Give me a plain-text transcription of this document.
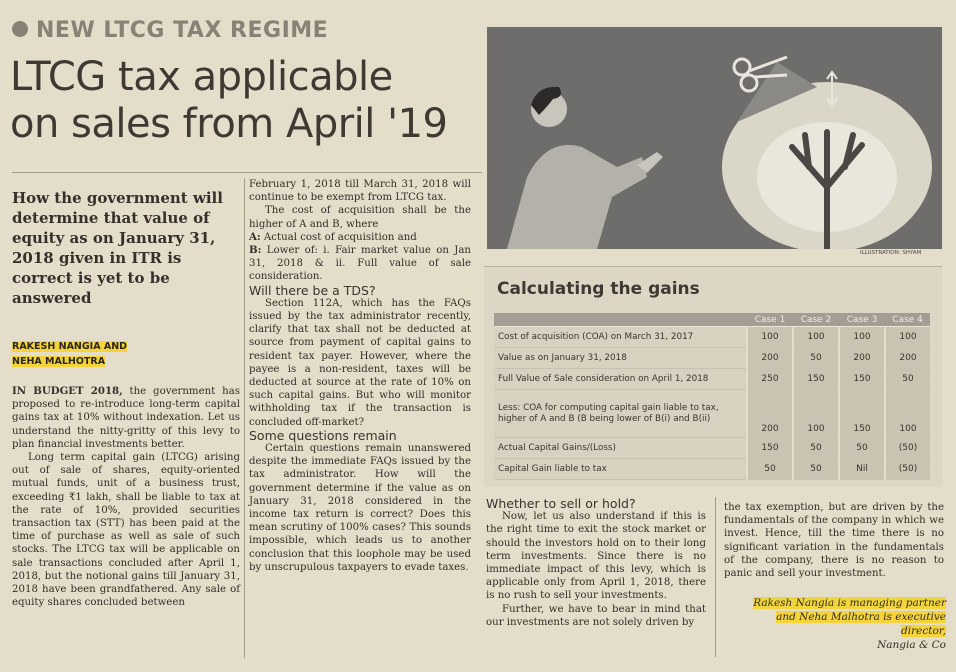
NEW LTCG TAX REGIME
LTCG tax applicable
on sales from April '19
How the government will determine that value of equity as on January 31, 2018 given in ITR is correct is yet to be answered
RAKESH NANGIA AND
NEHA MALHOTRA

IN BUDGET 2018, the government has proposed to re-introduce long-term capital gains tax at 10% without indexation. Let us understand the nitty-gritty of this levy to plan financial investments better.

Long term capital gain (LTCG) arising out of sale of shares, equity-oriented mutual funds, unit of a business trust, exceeding ₹1 lakh, shall be liable to tax at the rate of 10%, provided securities transaction tax (STT) has been paid at the time of purchase as well as sale of such stocks. The LTCG tax will be applicable on sale transactions concluded after April 1, 2018, but the notional gains till January 31, 2018 have been grandfathered. Any sale of equity shares concluded between

February 1, 2018 till March 31, 2018 will continue to be exempt from LTCG tax.

The cost of acquisition shall be the higher of A and B, where

A: Actual cost of acquisition and

B: Lower of: i. Fair market value on Jan 31, 2018 & ii. Full value of sale consideration.

Will there be a TDS?

Section 112A, which has the FAQs issued by the tax administrator recently, clarify that tax shall not be deducted at source from payment of capital gains to resident tax payer. However, where the payee is a non-resident, taxes will be deducted at source at the rate of 10% on such capital gains. But who will monitor withholding tax if the transaction is concluded off-market?

Some questions remain

Certain questions remain unanswered despite the immediate FAQs issued by the tax administrator. How will the government determine if the value as on January 31, 2018 considered in the income tax return is correct? Does this mean scrutiny of 100% cases? This sounds impossible, which leads us to another conclusion that this loophole may be used by unscrupulous taxpayers to evade taxes.

ILLUSTRATION: SHYAM
Calculating the gains
	Case 1	Case 2	Case 3	Case 4
Cost of acquisition (COA) on March 31, 2017	100	100	100	100
Value as on January 31, 2018	200	50	200	200
Full Value of Sale consideration on April 1, 2018	250	150	150	50
Less: COA for computing capital gain liable to tax, higher of A and B (B being lower of B(i) and B(ii)	200	100	150	100
Actual Capital Gains/(Loss)	150	50	50	(50)
Capital Gain liable to tax	50	50	Nil	(50)

Whether to sell or hold?

Now, let us also understand if this is the right time to exit the stock market or should the investors hold on to their long term investments. Since there is no immediate impact of this levy, which is applicable only from April 1, 2018, there is no rush to sell your investments.

Further, we have to bear in mind that our investments are not solely driven by

the tax exemption, but are driven by the fundamentals of the company in which we invest. Hence, till the time there is no significant variation in the fundamentals of the company, there is no reason to panic and sell your investment.

Rakesh Nangia is managing partner
and Neha Malhotra is executive director,
Nangia & Co
